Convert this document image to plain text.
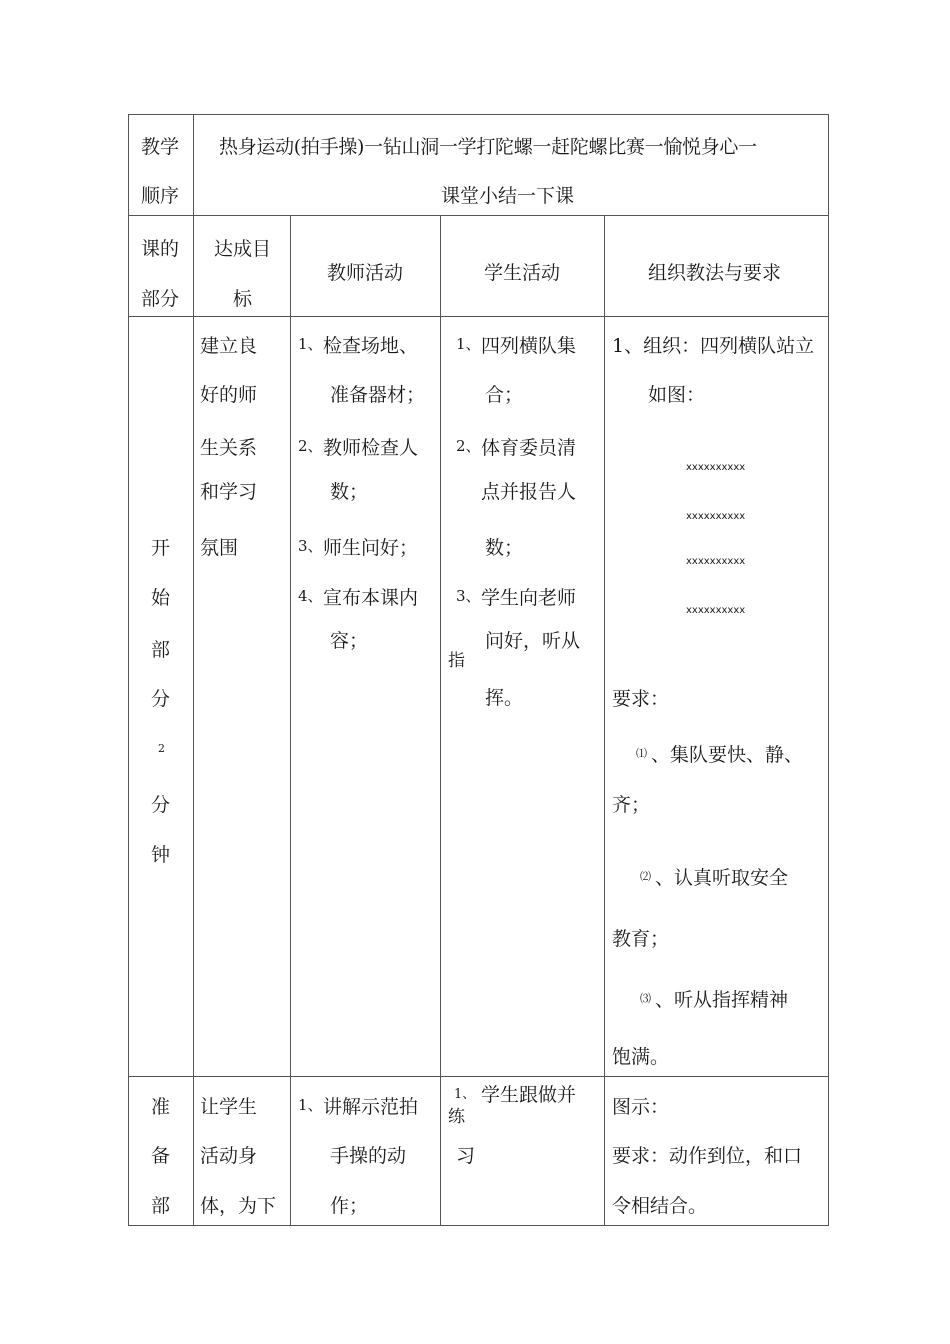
教学
顺序
热身运动(拍手操)一钻山洞一学打陀螺一赶陀螺比赛一愉悦身心一
课堂小结一下课
课的
部分
达成目
标
教师活动	学生活动	组织教法与要求
开
始
部
分
2
分
钟
建立良
好的师
生关系
和学习
氛围
1、 检查场地、
准备器材；
2、 教师检查人
数；
3、 师生问好；
4、 宣布本课内
容；
1、 四列横队集
合；
2、 体育委员清
点并报告人
数；
3、 学生向老师
问好，听从
指
挥。
1、组织：四列横队站立
如图：
xxxxxxxxxx
xxxxxxxxxx
xxxxxxxxxx
xxxxxxxxxx
要求：
⑴ 、集队要快、静、
齐；
⑵ 、认真听取安全
教育；
⑶ 、听从指挥精神
饱满。
准
备
部
让学生
活动身
体，为下
1、 讲解示范拍
手操的动
作；
1、
练
学生跟做并
习
图示：
要求：动作到位，和口
令相结合。
